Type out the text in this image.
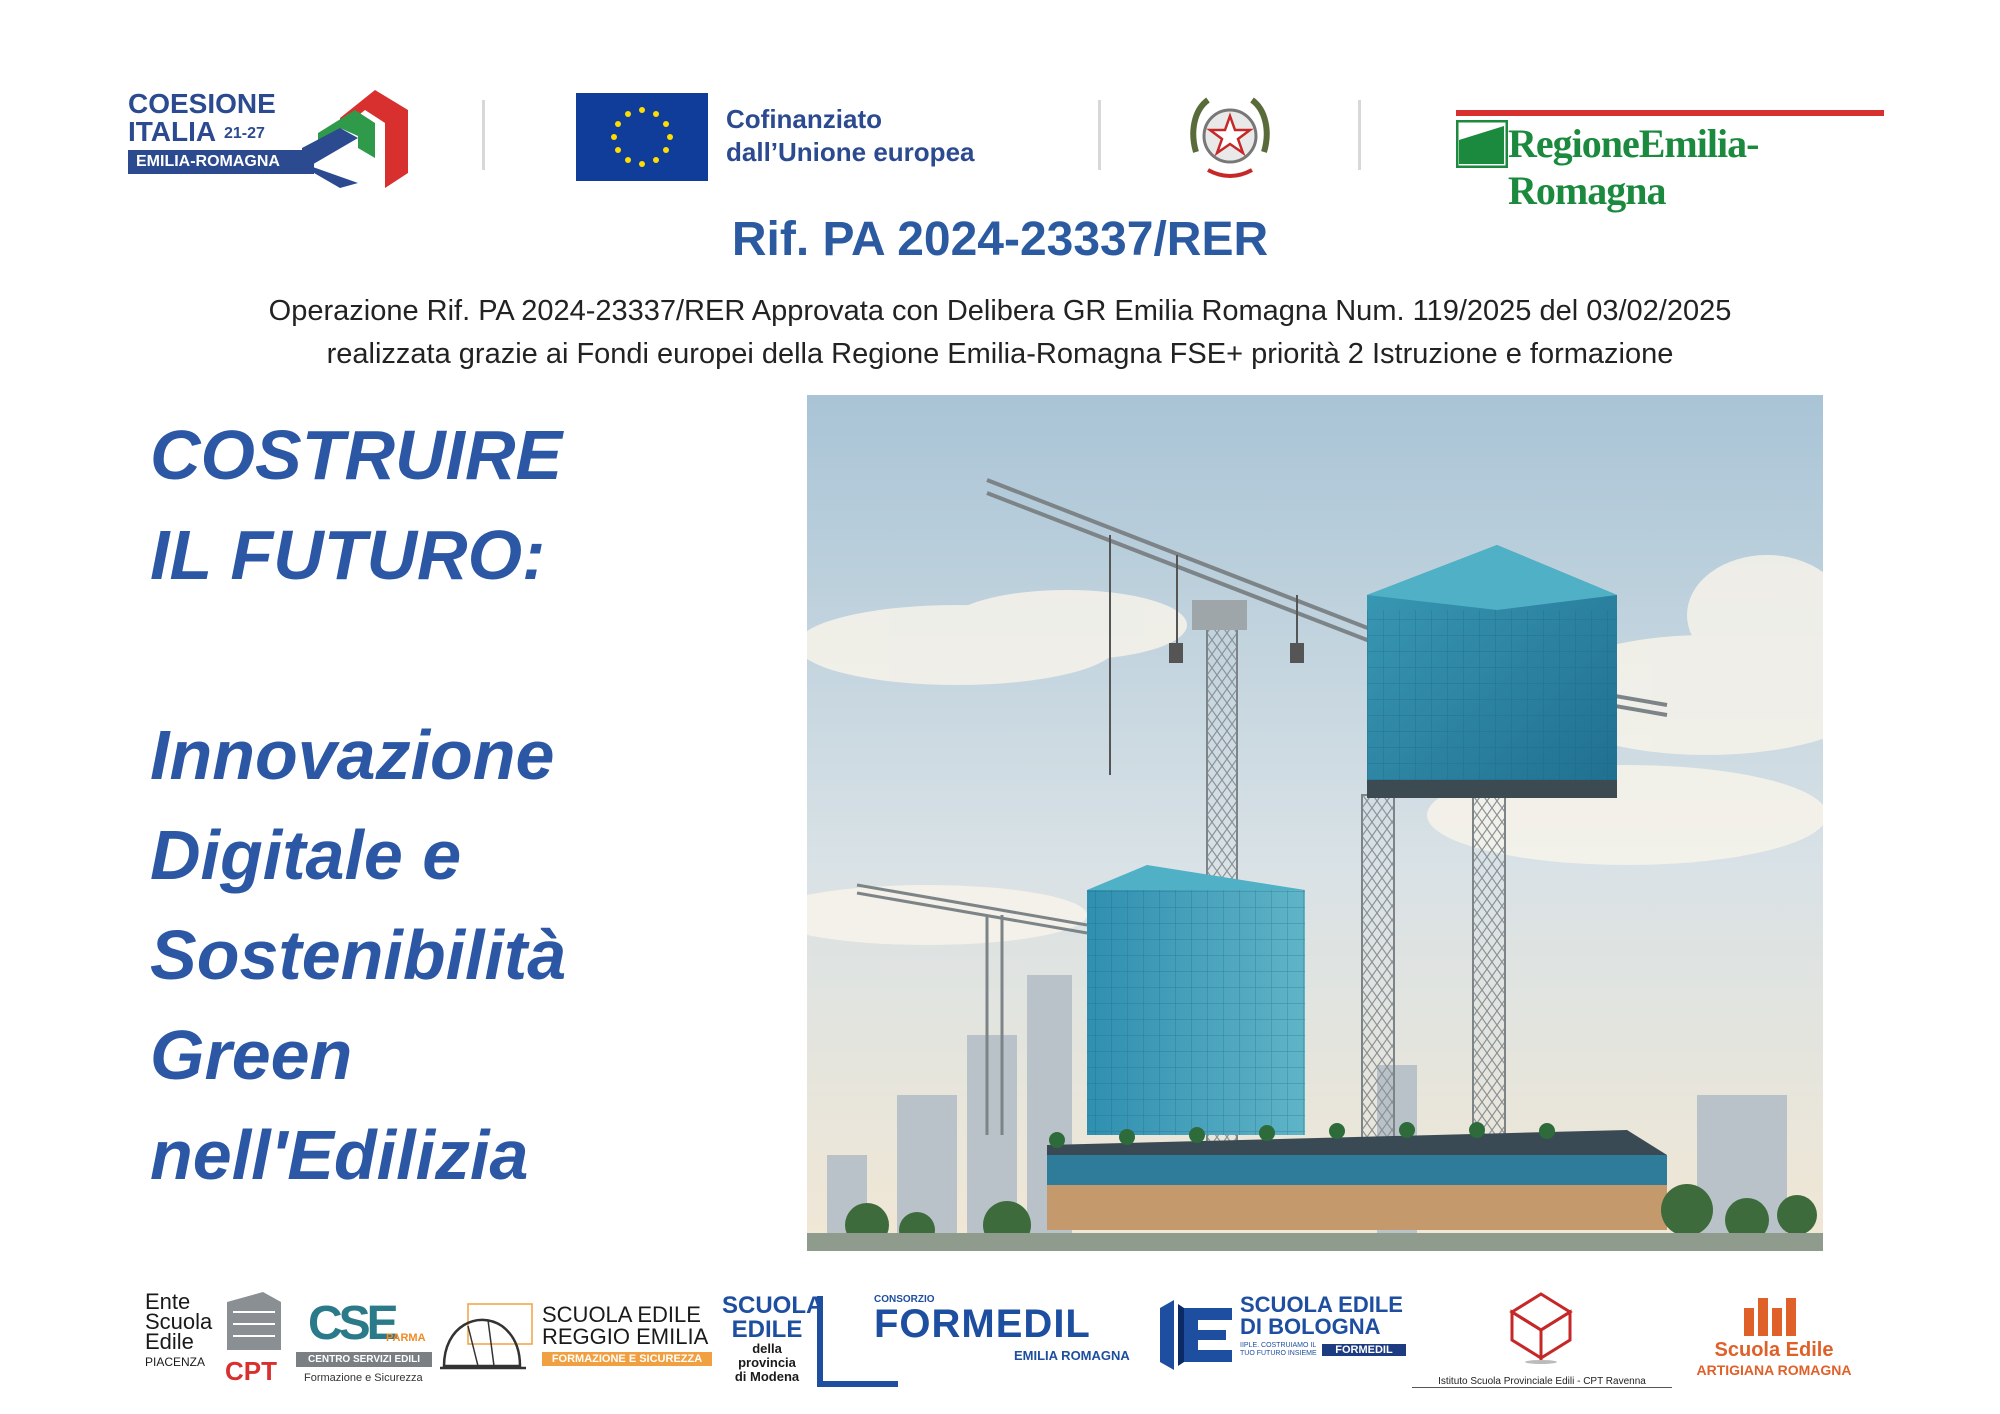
COESIONE
ITALIA 21-27
EMILIA-ROMAGNA
Cofinanziato
dall’Unione europea	RegioneEmilia-Romagna
Rif. PA 2024-23337/RER
Operazione Rif. PA 2024-23337/RER Approvata con Delibera GR Emilia Romagna Num. 119/2025 del 03/02/2025
realizzata grazie ai Fondi europei della Regione Emilia-Romagna FSE+ priorità 2 Istruzione e formazione
COSTRUIRE
IL FUTURO:
Innovazione
Digitale e
Sostenibilità
Green
nell'Edilizia
Ente
Scuola
Edile
PIACENZA CPT
CSE
PARMA
CENTRO SERVIZI EDILI
Formazione e Sicurezza
SCUOLA EDILE
REGGIO EMILIA
FORMAZIONE E SICUREZZA
SCUOLA
EDILE
della provincia
di Modena
CONSORZIO
FORMEDIL
EMILIA ROMAGNA
SCUOLA EDILE
DI BOLOGNA
IIPLE. COSTRUIAMO IL TUO FUTURO INSIEME	FORMEDIL
Istituto Scuola Provinciale Edili - CPT Ravenna
Scuola Edile
ARTIGIANA ROMAGNA
